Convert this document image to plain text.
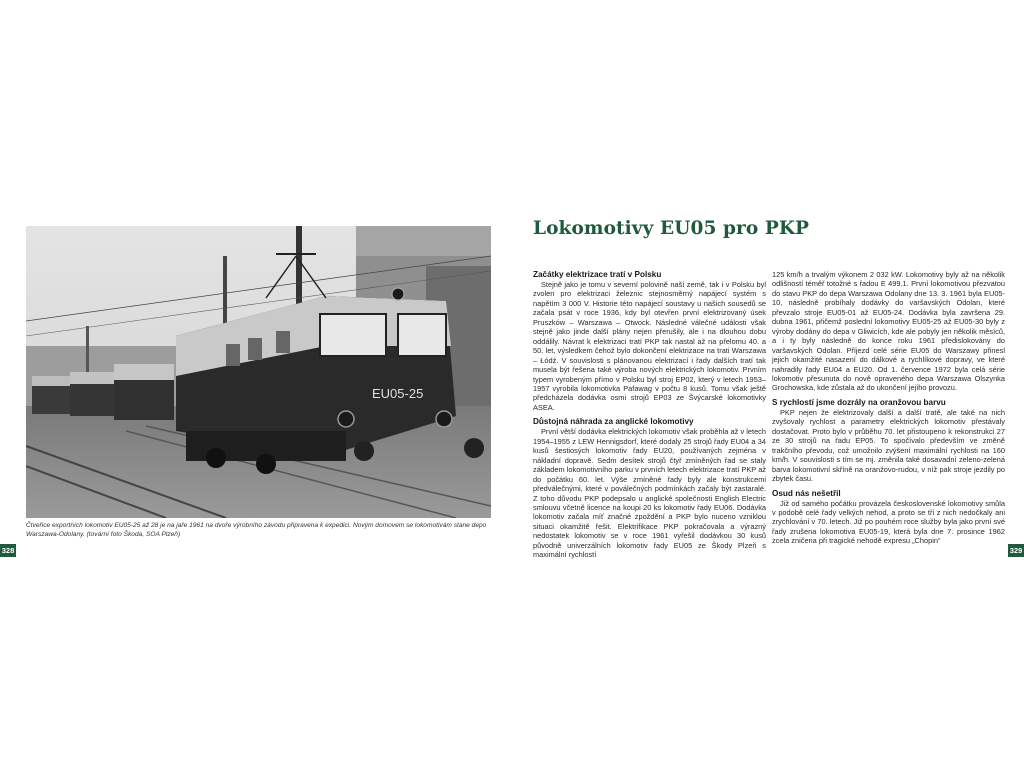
EU05-25
Čtveřice exportních lokomotiv EU05-25 až 28 je na jaře 1961 na dvoře výrobního závodu připravena k expedici. Novým domovem se lokomotivám stane depo Warszawa-Odolany. (tovární foto Škoda, SOA Plzeň)
328	329
Lokomotivy EU05 pro PKP
Začátky elektrizace tratí v Polsku

Stejně jako je tomu v severní polovině naší země, tak i v Polsku byl zvolen pro elektrizaci železnic stejnosměrný napájecí systém s napětím 3 000 V. Historie této napájecí soustavy u našich sousedů se začala psát v roce 1936, kdy byl otevřen první elektrizovaný úsek Pruszków – Warszawa – Otwock. Následné válečné události však stejně jako jinde další plány nejen přerušily, ale i na dlouhou dobu oddálily. Návrat k elektrizaci tratí PKP tak nastal až na přelomu 40. a 50. let, výsledkem čehož bylo dokončení elektrizace na trati Warszawa – Łódź. V souvislosti s plánovanou elektrizací i řady dalších tratí tak musela být řešena také výroba nových elektrických lokomotiv. Prvním typem vyrobeným přímo v Polsku byl stroj EP02, který v letech 1953–1957 vyrobila lokomotivka Pafawag v počtu 8 kusů. Tomu však ještě předcházela dodávka osmi strojů EP03 ze Švýcarské lokomotivky ASEA.

Důstojná náhrada za anglické lokomotivy

První větší dodávka elektrických lokomotiv však proběhla až v letech 1954–1955 z LEW Hennigsdorf, které dodaly 25 strojů řady EU04 a 34 kusů šestiosých lokomotiv řady EU20, používaných zejména v nákladní dopravě. Sedm desítek strojů čtyř zmíněných řad se staly základem lokomotivního parku v prvních letech elektrizace tratí PKP až do počátku 60. let. Výše zmíněné řady byly ale konstrukcemi předválečnými, které v poválečných podmínkách začaly být zastaralé. Z toho důvodu PKP podepsalo u anglické společnosti English Electric smlouvu včetně licence na koupi 20 ks lokomotiv řady EU06. Dodávka lokomotiv začala míť značné zpoždění a PKP bylo nuceno vzniklou situaci okamžitě řešit. Elektrifikace PKP pokračovala a výrazný nedostatek lokomotiv se v roce 1961 vyřešil dodávkou 30 kusů původně univerzálních lokomotiv řady EU05 ze Škody Plzeň s maximální rychlostí

125 km/h a trvalým výkonem 2 032 kW. Lokomotivy byly až na několik odlišností téměř totožné s řadou E 499.1. První lokomotivou přezvatou do stavu PKP do depa Warszawa Odolany dne 13. 3. 1961 byla EU05-10, následně probíhaly dodávky do varšavských Odolan, které převzalo stroje EU05-01 až EU05-24. Dodávka byla završena 29. dubna 1961, přičemž poslední lokomotivy EU05-25 až EU05-30 byly z výroby dodány do depa v Gliwicích, kde ale pobyly jen několik měsíců, a i ty byly následně do konce roku 1961 předislokovány do varšavských Odolan. Příjezd celé série EU05 do Warszawy přinesl jejich okamžité nasazení do dálkové a rychlíkové dopravy, ve které nahradily řady EU04 a EU20. Od 1. července 1972 byla celá série lokomotiv přesunuta do nově opraveného depa Warszawa Olszynka Grochowska, kde zůstala až do ukončení jejího provozu.

S rychlostí jsme dozrály na oranžovou barvu

PKP nejen že elektrizovaly další a další tratě, ale také na nich zvyšovaly rychlost a parametry elektrických lokomotiv přestávaly dostačovat. Proto bylo v průběhu 70. let přistoupeno k rekonstrukci 27 ze 30 strojů na řadu EP05. To spočívalo především ve změně trakčního převodu, což umožnilo zvýšení maximální rychlosti na 160 km/h. V souvislosti s tím se mj. změnila také dosavadní zeleno-zelená barva lokomotivní skříně na oranžovo-rudou, v níž pak stroje jezdily po zbytek času.

Osud nás nešetřil

Již od samého počátku provázela československé lokomotivy smůla v podobě celé řady velkých nehod, a proto se tři z nich nedočkaly ani zrychlování v 70. letech. Již po pouhém roce služby byla jako první své řady zrušena lokomotiva EU05-19, která byla dne 7. prosince 1962 zcela zničena při tragické nehodě expresu „Chopin“
